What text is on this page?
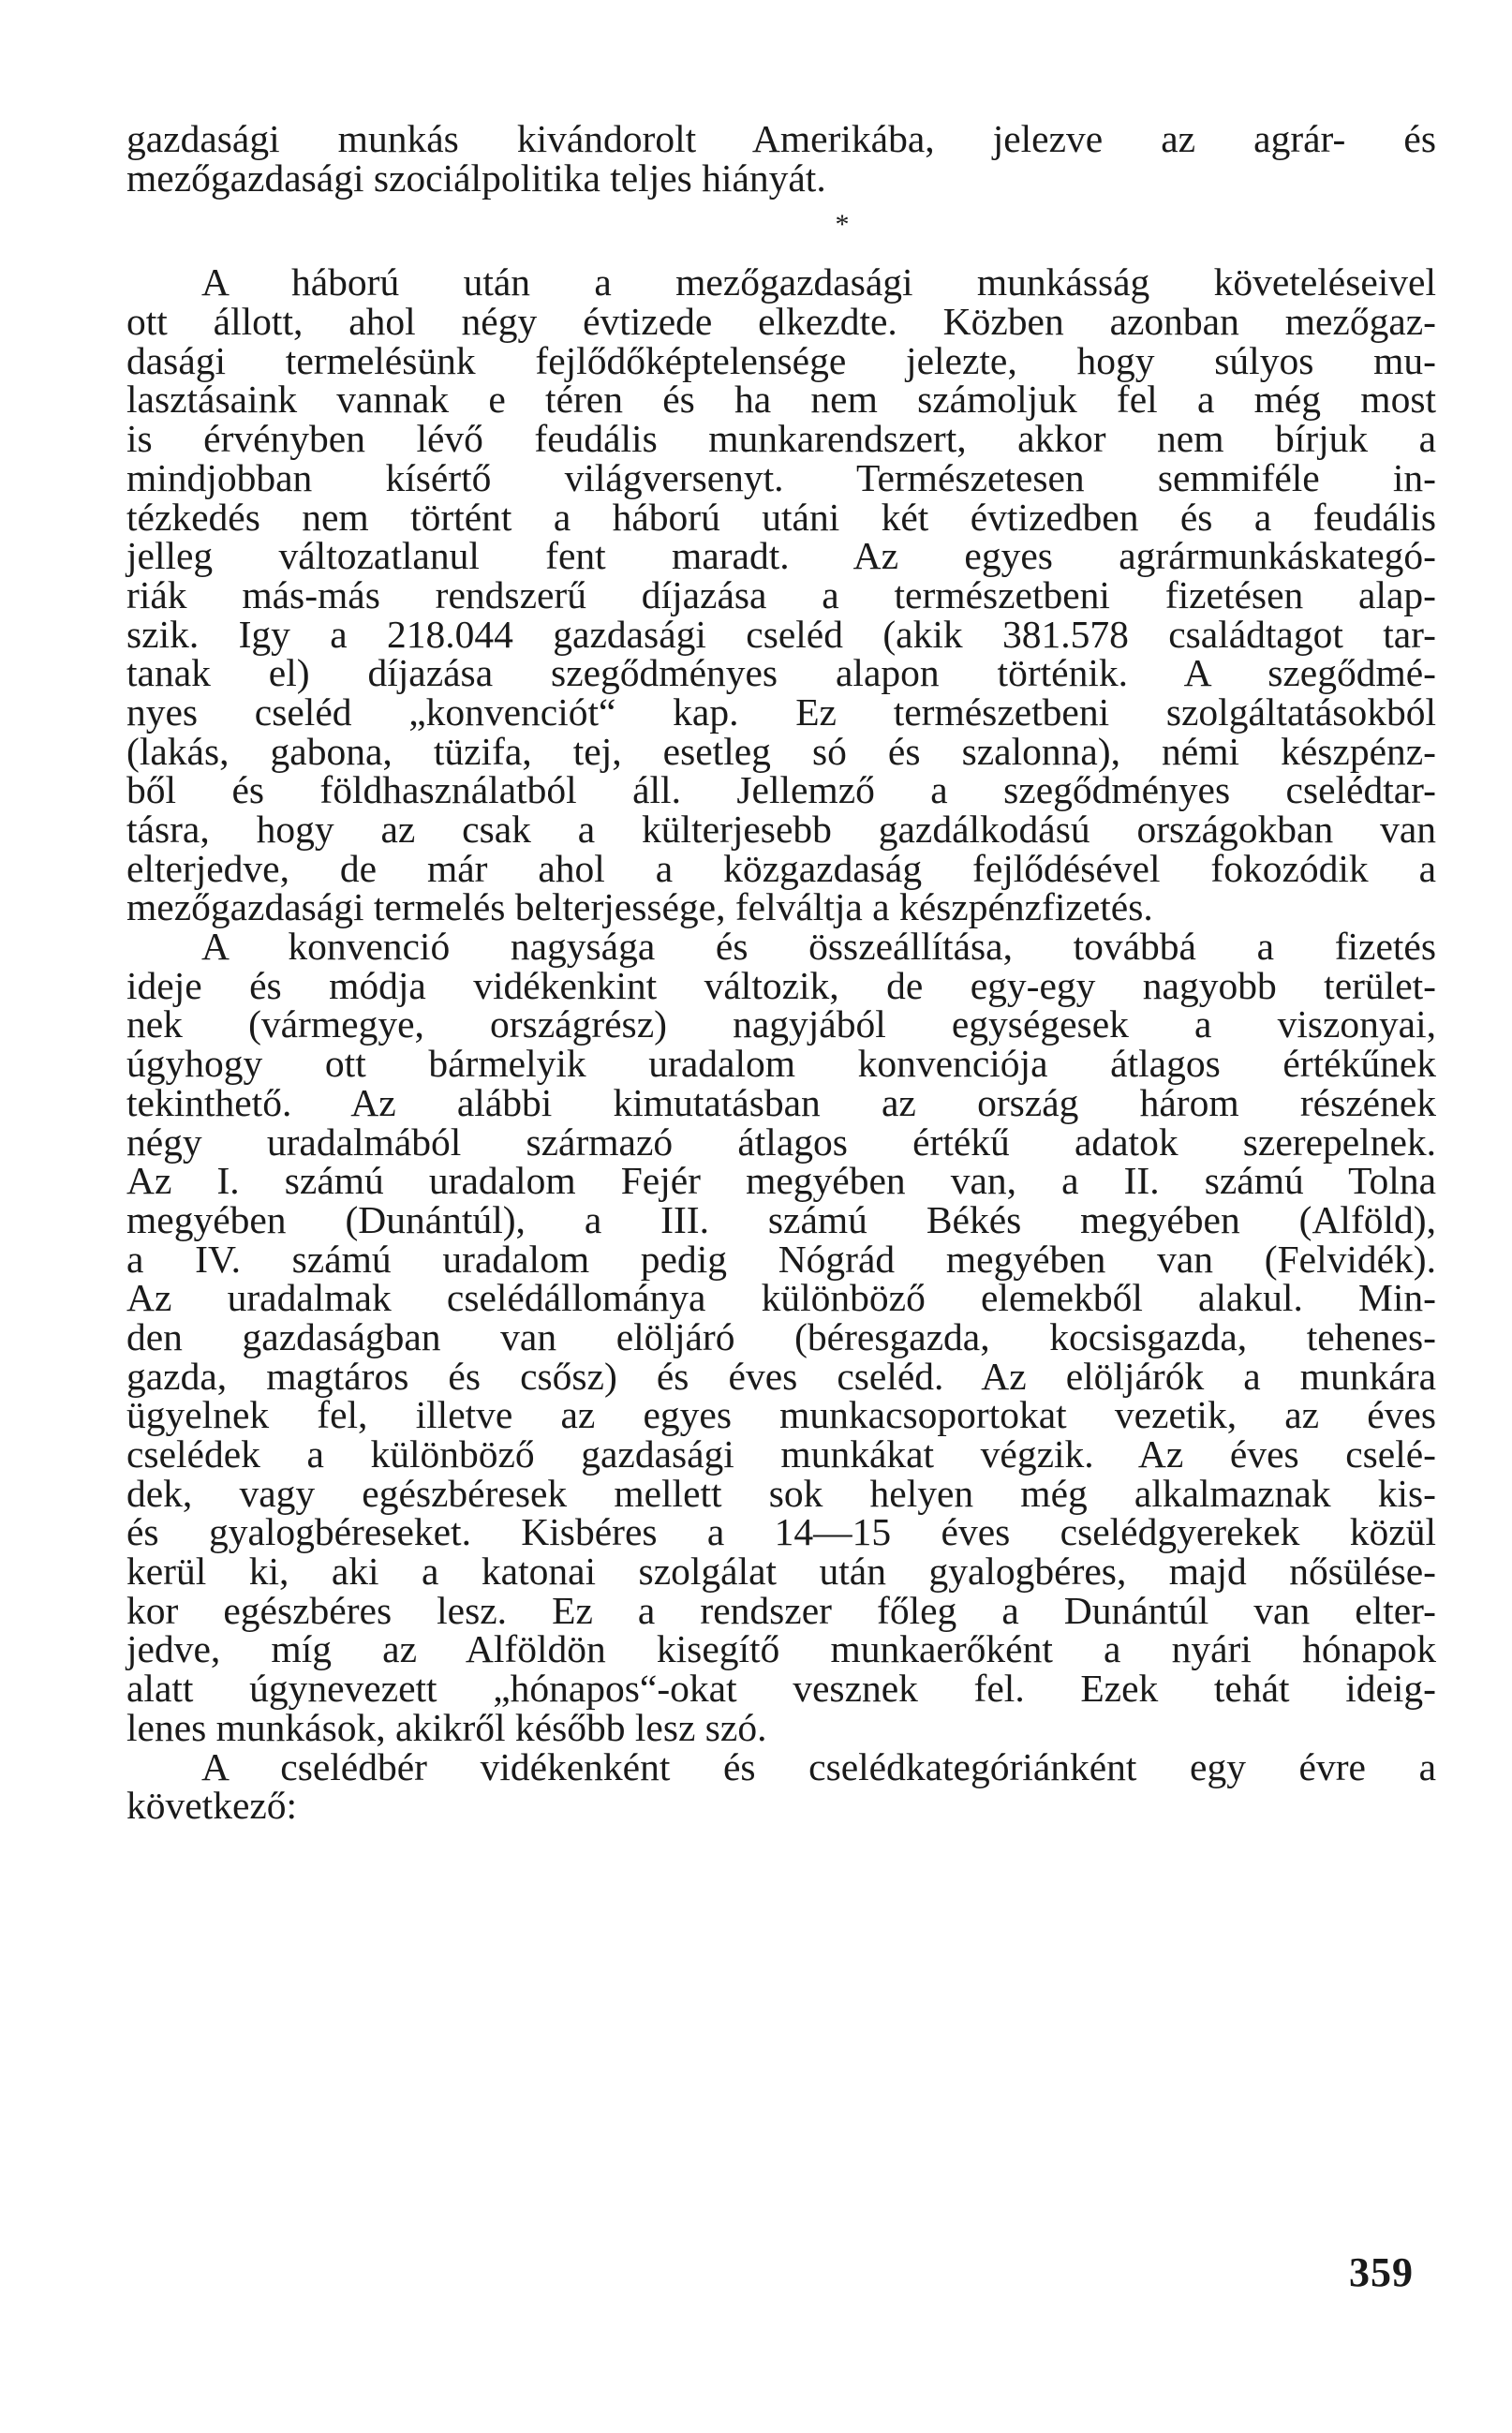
gazdasági munkás kivándorolt Amerikába, jelezve az agrár- és
mezőgazdasági szociálpolitika teljes hiányát.
*
A háború után a mezőgazdasági munkásság követeléseivel
ott állott, ahol négy évtizede elkezdte. Közben azonban mezőgaz-
dasági termelésünk fejlődőképtelensége jelezte, hogy súlyos mu-
lasztásaink vannak e téren és ha nem számoljuk fel a még most
is érvényben lévő feudális munkarendszert, akkor nem bírjuk a
mindjobban kísértő világversenyt. Természetesen semmiféle in-
tézkedés nem történt a háború utáni két évtizedben és a feudális
jelleg változatlanul fent maradt. Az egyes agrármunkáskategó-
riák más-más rendszerű díjazása a természetbeni fizetésen alap-
szik. Igy a 218.044 gazdasági cseléd (akik 381.578 családtagot tar-
tanak el) díjazása szegődményes alapon történik. A szegődmé-
nyes cseléd „konvenciót“ kap. Ez természetbeni szolgáltatásokból
(lakás, gabona, tüzifa, tej, esetleg só és szalonna), némi készpénz-
ből és földhasználatból áll. Jellemző a szegődményes cselédtar-
tásra, hogy az csak a külterjesebb gazdálkodású országokban van
elterjedve, de már ahol a közgazdaság fejlődésével fokozódik a
mezőgazdasági termelés belterjessége, felváltja a készpénzfizetés.
A konvenció nagysága és összeállítása, továbbá a fizetés
ideje és módja vidékenkint változik, de egy-egy nagyobb terület-
nek (vármegye, országrész) nagyjából egységesek a viszonyai,
úgyhogy ott bármelyik uradalom konvenciója átlagos értékűnek
tekinthető. Az alábbi kimutatásban az ország három részének
négy uradalmából származó átlagos értékű adatok szerepelnek.
Az I. számú uradalom Fejér megyében van, a II. számú Tolna
megyében (Dunántúl), a III. számú Békés megyében (Alföld),
a IV. számú uradalom pedig Nógrád megyében van (Felvidék).
Az uradalmak cselédállománya különböző elemekből alakul. Min-
den gazdaságban van elöljáró (béresgazda, kocsisgazda, tehenes-
gazda, magtáros és csősz) és éves cseléd. Az elöljárók a munkára
ügyelnek fel, illetve az egyes munkacsoportokat vezetik, az éves
cselédek a különböző gazdasági munkákat végzik. Az éves cselé-
dek, vagy egészbéresek mellett sok helyen még alkalmaznak kis-
és gyalogbéreseket. Kisbéres a 14—15 éves cselédgyerekek közül
kerül ki, aki a katonai szolgálat után gyalogbéres, majd nősülése-
kor egészbéres lesz. Ez a rendszer főleg a Dunántúl van elter-
jedve, míg az Alföldön kisegítő munkaerőként a nyári hónapok
alatt úgynevezett „hónapos“-okat vesznek fel. Ezek tehát ideig-
lenes munkások, akikről később lesz szó.
A cselédbér vidékenként és cselédkategóriánként egy évre a
következő:
359
